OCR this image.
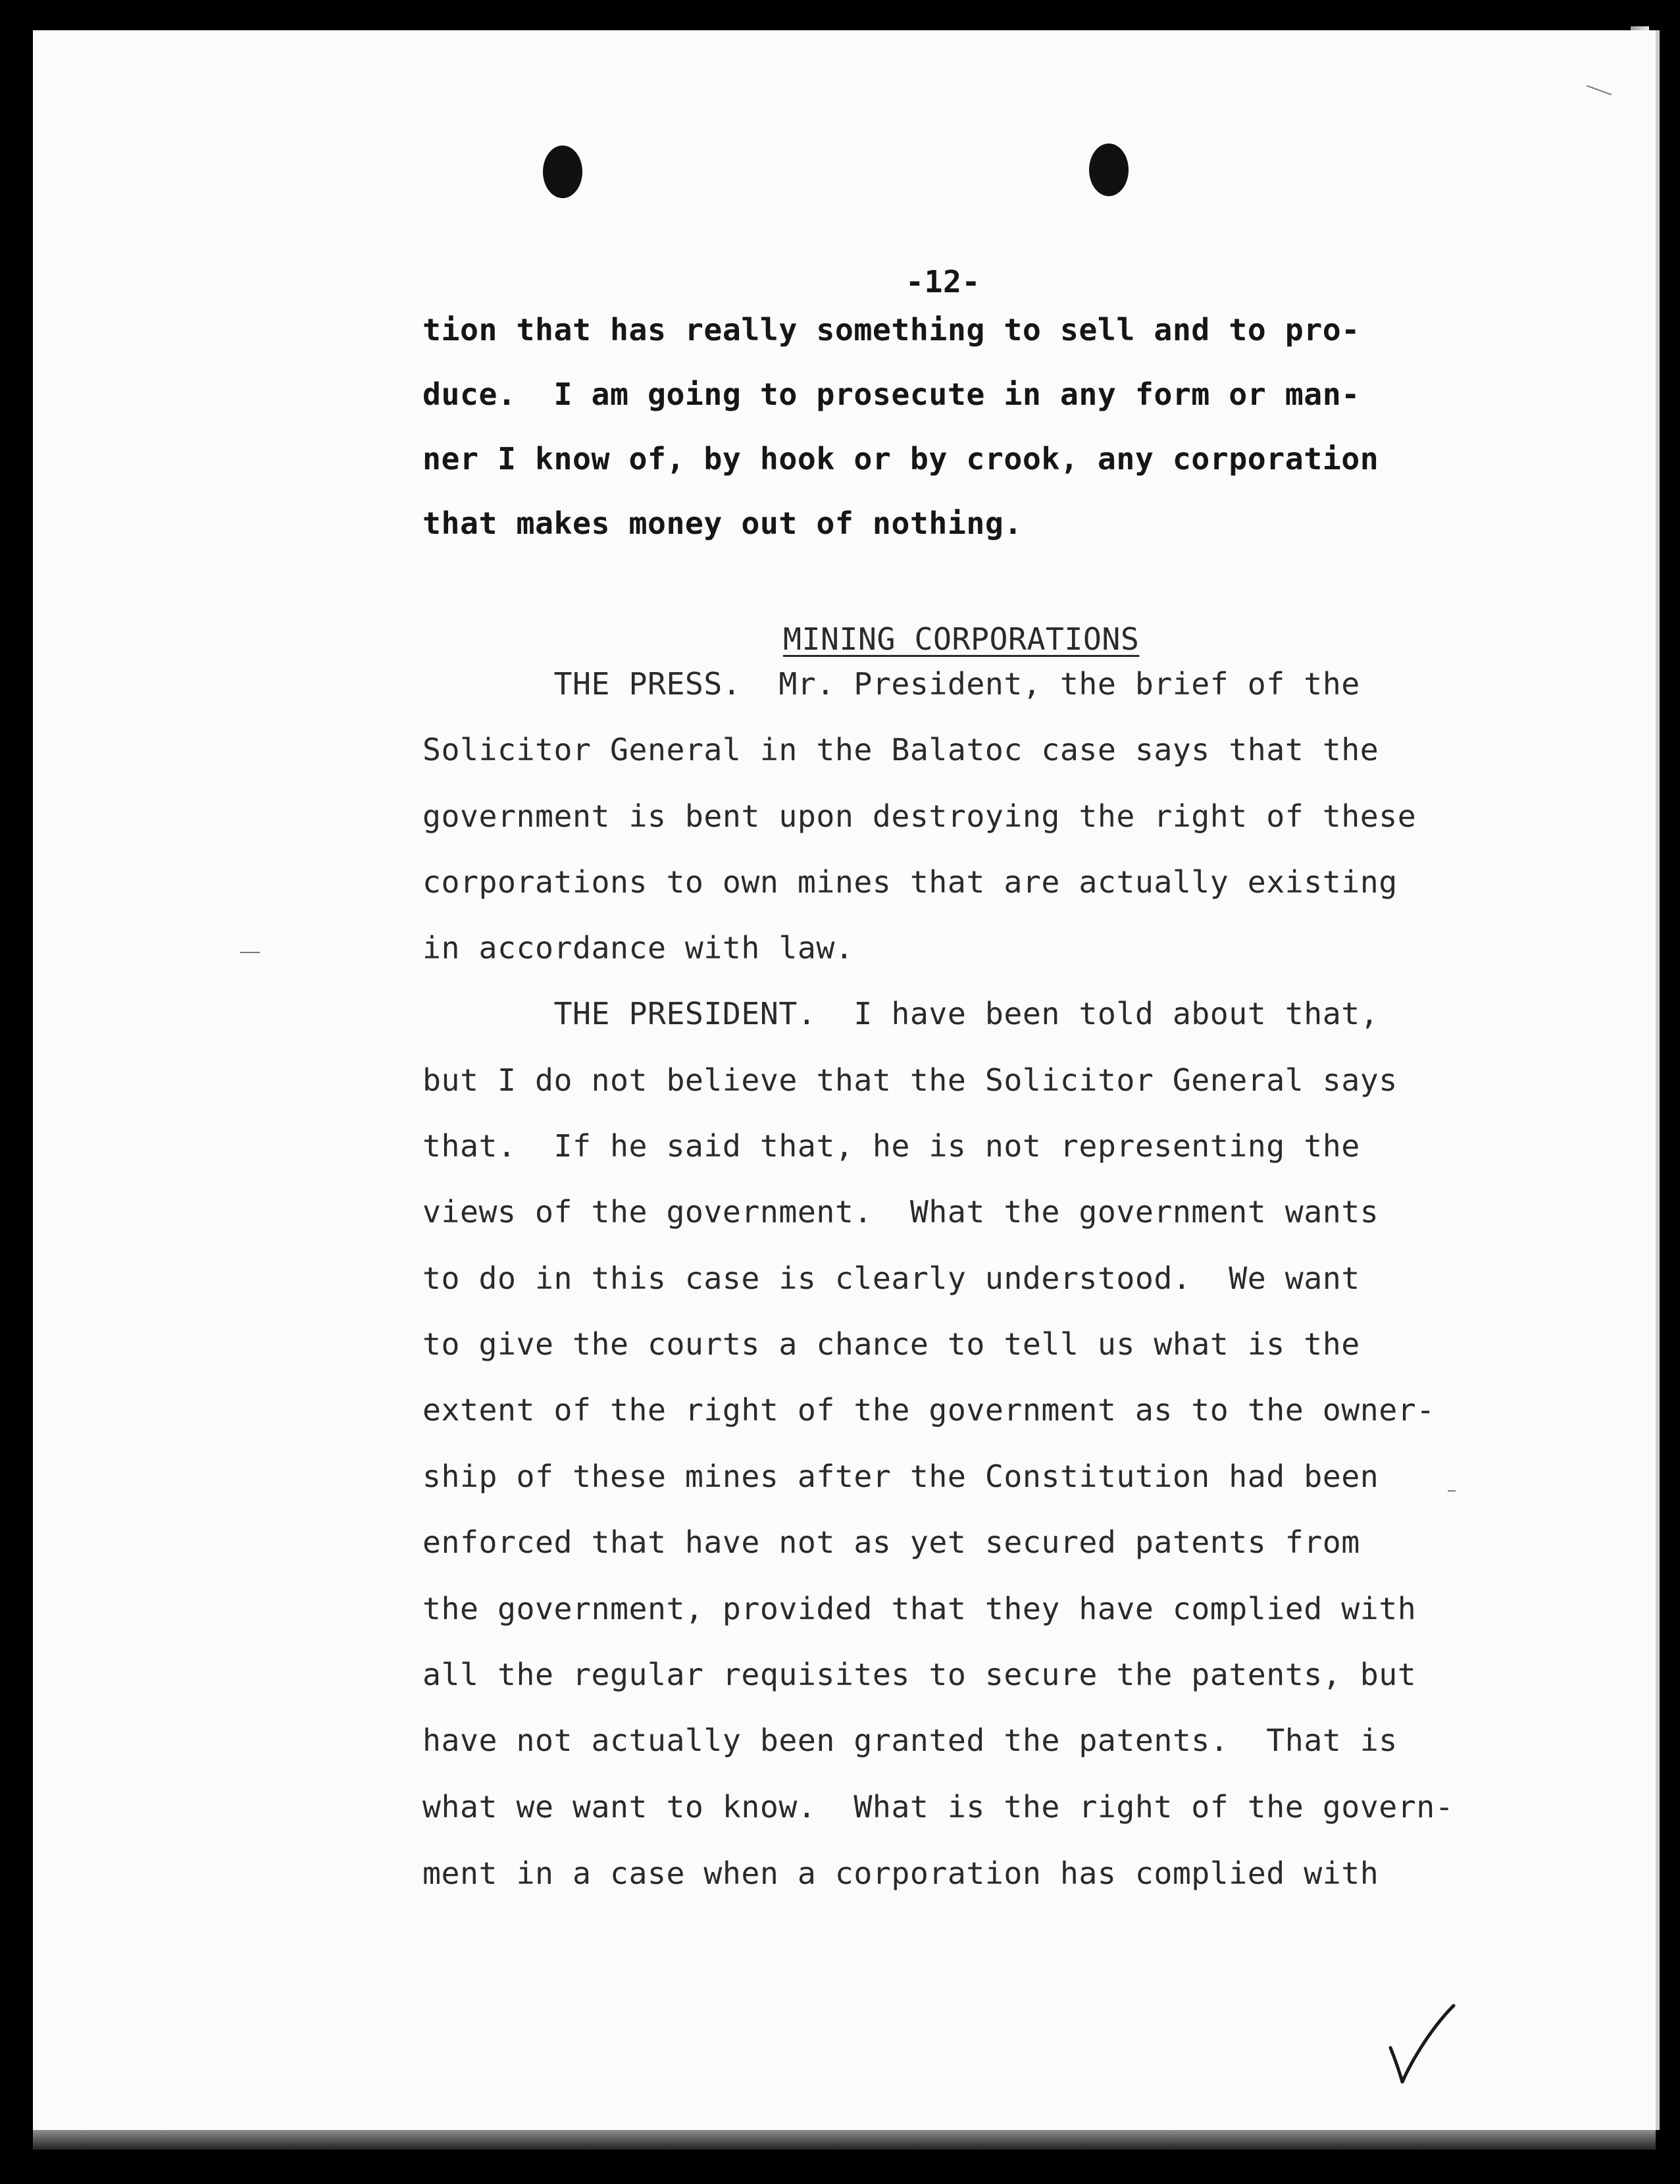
-12-
tion that has really something to sell and to pro-
duce.  I am going to prosecute in any form or man-
ner I know of, by hook or by crook, any corporation
that makes money out of nothing.
MINING CORPORATIONS
THE PRESS.  Mr. President, the brief of the
Solicitor General in the Balatoc case says that the
government is bent upon destroying the right of these
corporations to own mines that are actually existing
in accordance with law.
THE PRESIDENT.  I have been told about that,
but I do not believe that the Solicitor General says
that.  If he said that, he is not representing the
views of the government.  What the government wants
to do in this case is clearly understood.  We want
to give the courts a chance to tell us what is the
extent of the right of the government as to the owner-
ship of these mines after the Constitution had been
enforced that have not as yet secured patents from
the government, provided that they have complied with
all the regular requisites to secure the patents, but
have not actually been granted the patents.  That is
what we want to know.  What is the right of the govern-
ment in a case when a corporation has complied with
